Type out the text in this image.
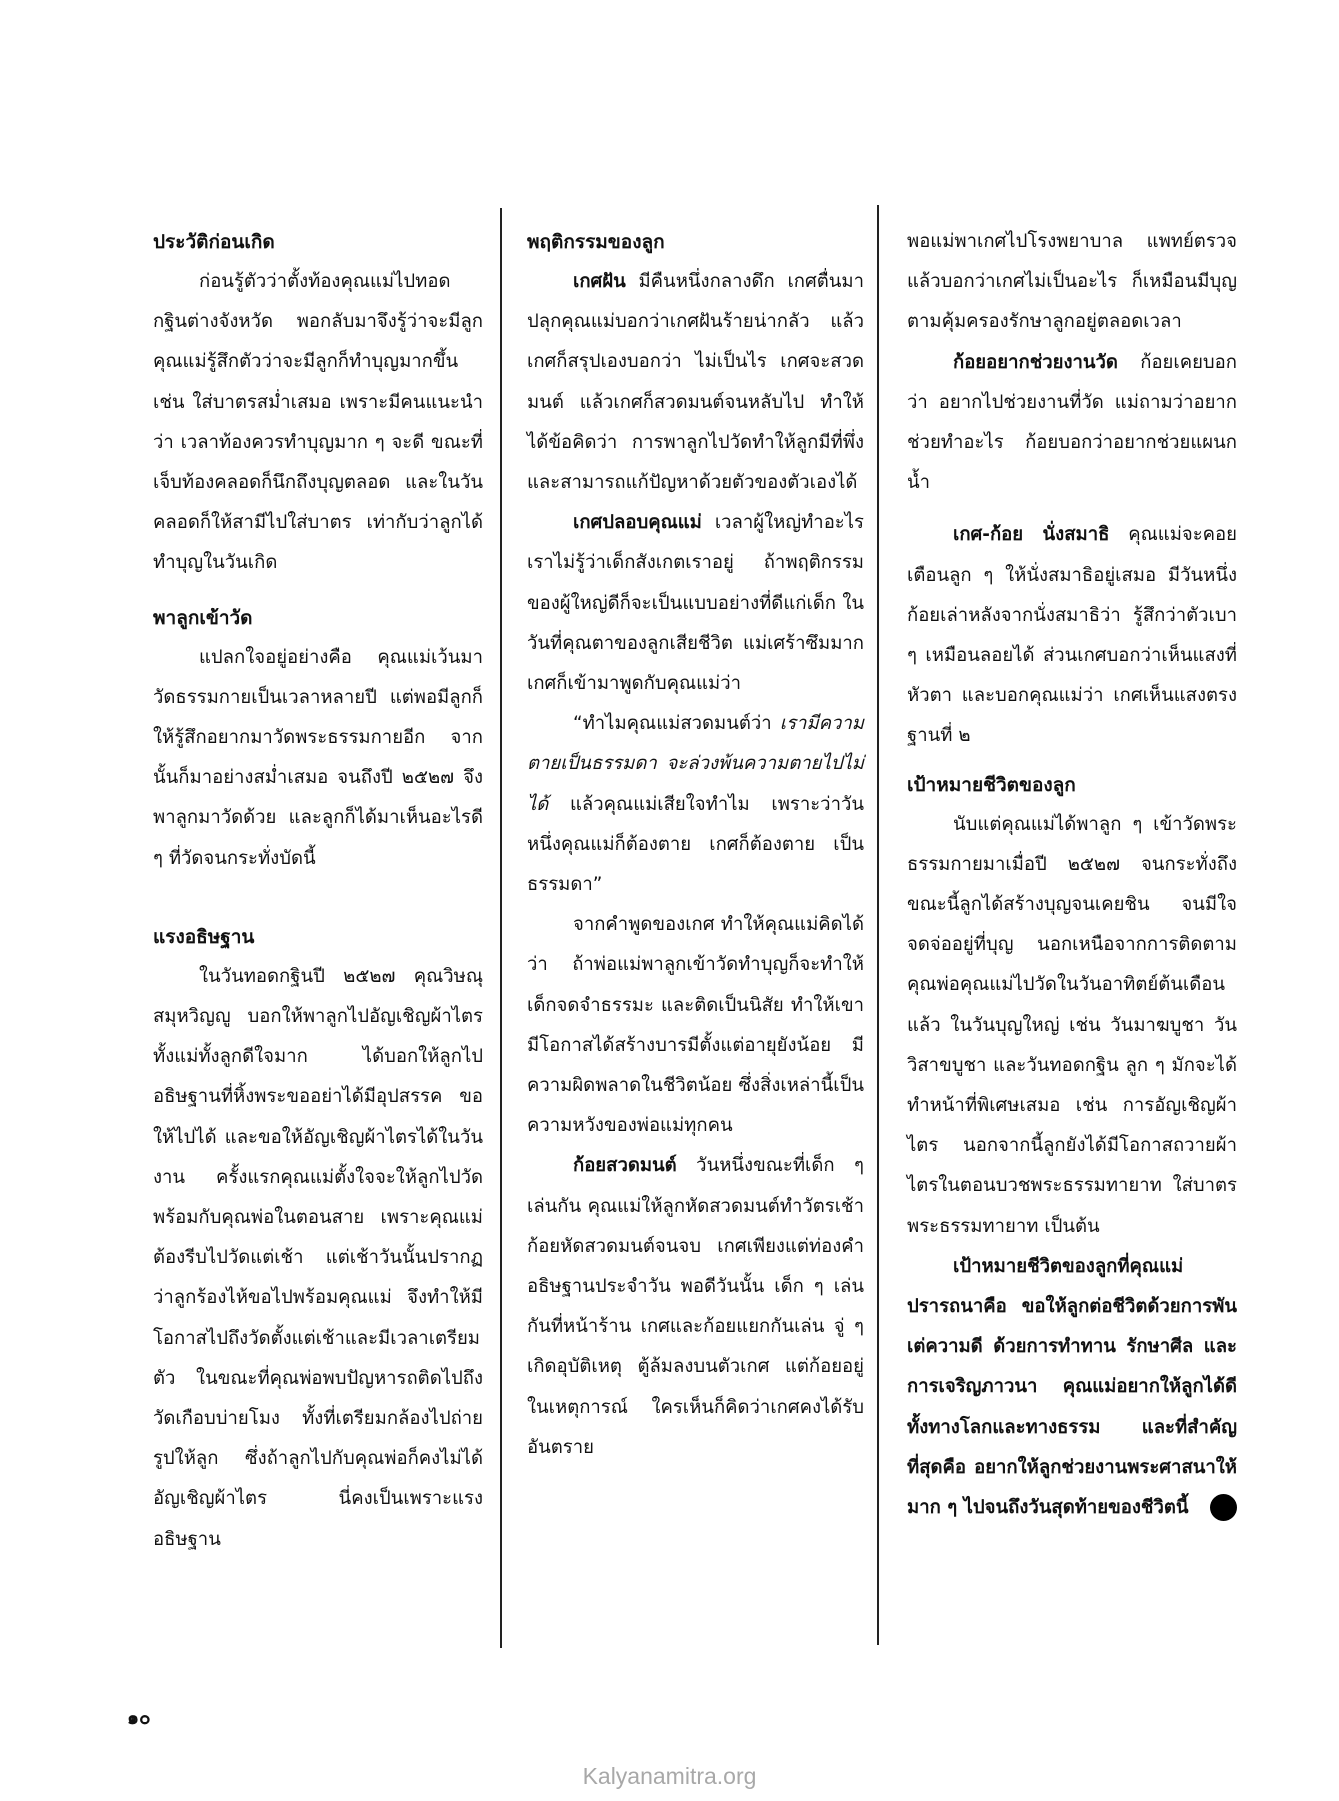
ประวัติก่อนเกิด

ก่อนรู้ตัวว่าตั้งท้องคุณแม่ไปทอดกฐินต่างจังหวัด พอกลับมาจึงรู้ว่าจะมีลูก คุณแม่รู้สึกตัวว่าจะมีลูกก็ทำบุญมากขึ้น เช่น ใส่บาตรสม่ำเสมอ เพราะมีคนแนะนำว่า เวลาท้องควรทำบุญมาก ๆ จะดี ขณะที่เจ็บท้องคลอดก็นึกถึงบุญตลอด และในวันคลอดก็ให้สามีไปใส่บาตร เท่ากับว่าลูกได้ทำบุญในวันเกิด

พาลูกเข้าวัด

แปลกใจอยู่อย่างคือ คุณแม่เว้นมาวัดธรรมกายเป็นเวลาหลายปี แต่พอมีลูกก็ให้รู้สึกอยากมาวัดพระธรรมกายอีก จากนั้นก็มาอย่างสม่ำเสมอ จนถึงปี ๒๕๒๗ จึงพาลูกมาวัดด้วย และลูกก็ได้มาเห็นอะไรดี ๆ ที่วัดจนกระทั่งบัดนี้

แรงอธิษฐาน

ในวันทอดกฐินปี ๒๕๒๗ คุณวิษณุ สมุหวิญญู บอกให้พาลูกไปอัญเชิญผ้าไตร ทั้งแม่ทั้งลูกดีใจมาก ได้บอกให้ลูกไปอธิษฐานที่หิ้งพระขออย่าได้มีอุปสรรค ขอให้ไปได้ และขอให้อัญเชิญผ้าไตรได้ในวันงาน ครั้งแรกคุณแม่ตั้งใจจะให้ลูกไปวัดพร้อมกับคุณพ่อในตอนสาย เพราะคุณแม่ต้องรีบไปวัดแต่เช้า แต่เช้าวันนั้นปรากฏว่าลูกร้องไห้ขอไปพร้อมคุณแม่ จึงทำให้มีโอกาสไปถึงวัดตั้งแต่เช้าและมีเวลาเตรียมตัว ในขณะที่คุณพ่อพบปัญหารถติดไปถึงวัดเกือบบ่ายโมง ทั้งที่เตรียมกล้องไปถ่ายรูปให้ลูก ซึ่งถ้าลูกไปกับคุณพ่อก็คงไม่ได้อัญเชิญผ้าไตร นี่คงเป็นเพราะแรงอธิษฐาน

พฤติกรรมของลูก

เกศฝัน มีคืนหนึ่งกลางดึก เกศตื่นมาปลุกคุณแม่บอกว่าเกศฝันร้ายน่ากลัว แล้วเกศก็สรุปเองบอกว่า ไม่เป็นไร เกศจะสวดมนต์ แล้วเกศก็สวดมนต์จนหลับไป ทำให้ได้ข้อคิดว่า การพาลูกไปวัดทำให้ลูกมีที่พึ่งและสามารถแก้ปัญหาด้วยตัวของตัวเองได้

เกศปลอบคุณแม่ เวลาผู้ใหญ่ทำอะไร เราไม่รู้ว่าเด็กสังเกตเราอยู่ ถ้าพฤติกรรมของผู้ใหญ่ดีก็จะเป็นแบบอย่างที่ดีแก่เด็ก ในวันที่คุณตาของลูกเสียชีวิต แม่เศร้าซึมมาก เกศก็เข้ามาพูดกับคุณแม่ว่า

“ทำไมคุณแม่สวดมนต์ว่า เรามีความตายเป็นธรรมดา จะล่วงพ้นความตายไปไม่ได้ แล้วคุณแม่เสียใจทำไม เพราะว่าวันหนึ่งคุณแม่ก็ต้องตาย เกศก็ต้องตาย เป็นธรรมดา”

จากคำพูดของเกศ ทำให้คุณแม่คิดได้ว่า ถ้าพ่อแม่พาลูกเข้าวัดทำบุญก็จะทำให้เด็กจดจำธรรมะ และติดเป็นนิสัย ทำให้เขามีโอกาสได้สร้างบารมีตั้งแต่อายุยังน้อย มีความผิดพลาดในชีวิตน้อย ซึ่งสิ่งเหล่านี้เป็นความหวังของพ่อแม่ทุกคน

ก้อยสวดมนต์ วันหนึ่งขณะที่เด็ก ๆ เล่นกัน คุณแม่ให้ลูกหัดสวดมนต์ทำวัตรเช้า ก้อยหัดสวดมนต์จนจบ เกศเพียงแต่ท่องคำอธิษฐานประจำวัน พอดีวันนั้น เด็ก ๆ เล่นกันที่หน้าร้าน เกศและก้อยแยกกันเล่น จู่ ๆ เกิดอุบัติเหตุ ตู้ล้มลงบนตัวเกศ แต่ก้อยอยู่ในเหตุการณ์ ใครเห็นก็คิดว่าเกศคงได้รับอันตราย

พอแม่พาเกศไปโรงพยาบาล แพทย์ตรวจแล้วบอกว่าเกศไม่เป็นอะไร ก็เหมือนมีบุญตามคุ้มครองรักษาลูกอยู่ตลอดเวลา

ก้อยอยากช่วยงานวัด ก้อยเคยบอกว่า อยากไปช่วยงานที่วัด แม่ถามว่าอยากช่วยทำอะไร ก้อยบอกว่าอยากช่วยแผนกน้ำ

เกศ-ก้อย นั่งสมาธิ คุณแม่จะคอยเตือนลูก ๆ ให้นั่งสมาธิอยู่เสมอ มีวันหนึ่งก้อยเล่าหลังจากนั่งสมาธิว่า รู้สึกว่าตัวเบา ๆ เหมือนลอยได้ ส่วนเกศบอกว่าเห็นแสงที่หัวตา และบอกคุณแม่ว่า เกศเห็นแสงตรงฐานที่ ๒

เป้าหมายชีวิตของลูก

นับแต่คุณแม่ได้พาลูก ๆ เข้าวัดพระธรรมกายมาเมื่อปี ๒๕๒๗ จนกระทั่งถึงขณะนี้ลูกได้สร้างบุญจนเคยชิน จนมีใจจดจ่ออยู่ที่บุญ นอกเหนือจากการติดตามคุณพ่อคุณแม่ไปวัดในวันอาทิตย์ต้นเดือนแล้ว ในวันบุญใหญ่ เช่น วันมาฆบูชา วันวิสาขบูชา และวันทอดกฐิน ลูก ๆ มักจะได้ทำหน้าที่พิเศษเสมอ เช่น การอัญเชิญผ้าไตร นอกจากนี้ลูกยังได้มีโอกาสถวายผ้าไตรในตอนบวชพระธรรมทายาท ใส่บาตรพระธรรมทายาท เป็นต้น

เป้าหมายชีวิตของลูกที่คุณแม่ปรารถนาคือ ขอให้ลูกต่อชีวิตด้วยการพันเต่ความดี ด้วยการทำทาน รักษาศีล และการเจริญภาวนา คุณแม่อยากให้ลูกได้ดีทั้งทางโลกและทางธรรม และที่สำคัญที่สุดคือ อยากให้ลูกช่วยงานพระศาสนาให้มาก ๆ ไปจนถึงวันสุดท้ายของชีวิตนี้

๑๐
Kalyanamitra.org
